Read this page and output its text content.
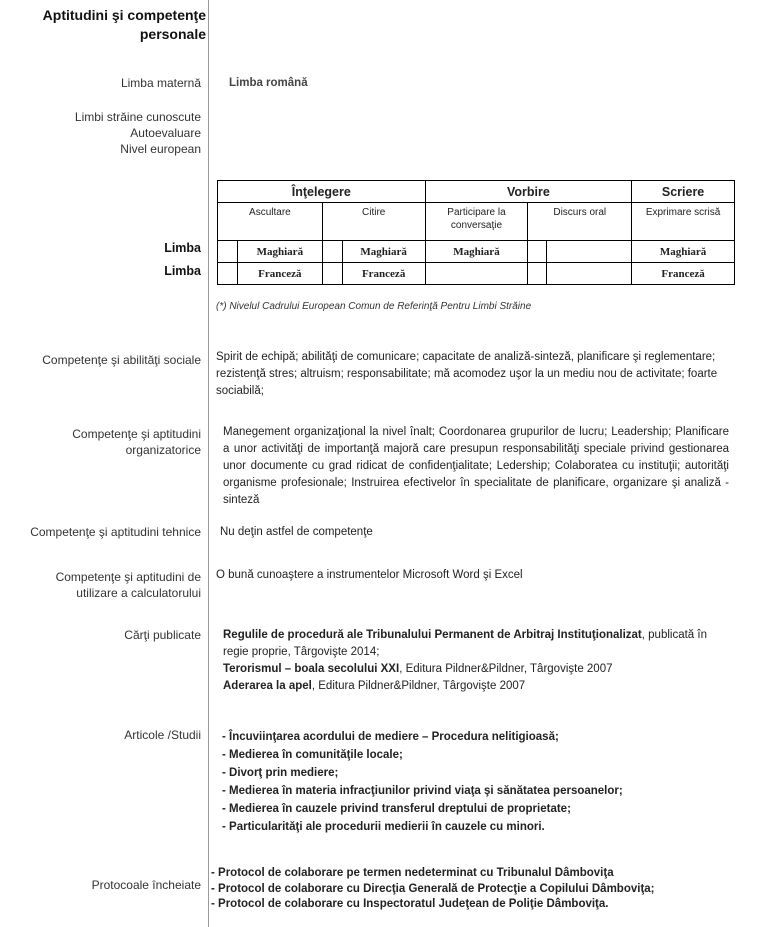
Aptitudini şi competenţe
personale
Limba maternă Limba română
Limbi străine cunoscute
Autoevaluare
Nivel european
Înţelegere				Vorbire			Scriere
Ascultare		Citire		Participare la
conversaţie	Discurs oral		Exprimare scrisă
	Maghiară		Maghiară	Maghiară			Maghiară
	Franceză		Franceză				Franceză
Limba
Limba
(*) Nivelul Cadrului European Comun de Referinţă Pentru Limbi Străine
Competenţe şi abilităţi sociale Spirit de echipă; abilităţi de comunicare; capacitate de analiză-sinteză, planificare şi reglementare; rezistenţă stres; altruism; responsabilitate; mă acomodez uşor la un mediu nou de activitate; foarte sociabilă;
Competenţe şi aptitudini
organizatorice
Manegement organizaţional la nivel înalt; Coordonarea grupurilor de lucru; Leadership; Planificare a unor activităţi de importanţă majoră care presupun responsabilităţi speciale privind gestionarea unor documente cu grad ridicat de confidenţialitate; Ledership; Colaboratea cu instituţii; autorităţi organisme profesionale; Instruirea efectivelor în specialitate de planificare, organizare şi analiză - sinteză
Competenţe şi aptitudini tehnice Nu deţin astfel de competenţe
Competenţe şi aptitudini de
utilizare a calculatorului
O bună cunoaştere a instrumentelor Microsoft Word şi Excel
Cărţi publicate Regulile de procedură ale Tribunalului Permanent de Arbitraj Instituţionalizat, publicată în regie proprie, Târgovişte 2014;
Terorismul – boala secolului XXI, Editura Pildner&Pildner, Târgovişte 2007
Aderarea la apel, Editura Pildner&Pildner, Târgovişte 2007
Articole /Studii - Încuviinţarea acordului de mediere – Procedura nelitigioasă;
- Medierea în comunităţile locale;
- Divorţ prin mediere;
- Medierea în materia infracţiunilor privind viaţa şi sănătatea persoanelor;
- Medierea în cauzele privind transferul dreptului de proprietate;
- Particularităţi ale procedurii medierii în cauzele cu minori.
Protocoale încheiate
- Protocol de colaborare pe termen nedeterminat cu Tribunalul Dâmboviţa
- Protocol de colaborare cu Direcţia Generală de Protecţie a Copilului Dâmboviţa;
- Protocol de colaborare cu Inspectoratul Judeţean de Poliţie Dâmboviţa.
